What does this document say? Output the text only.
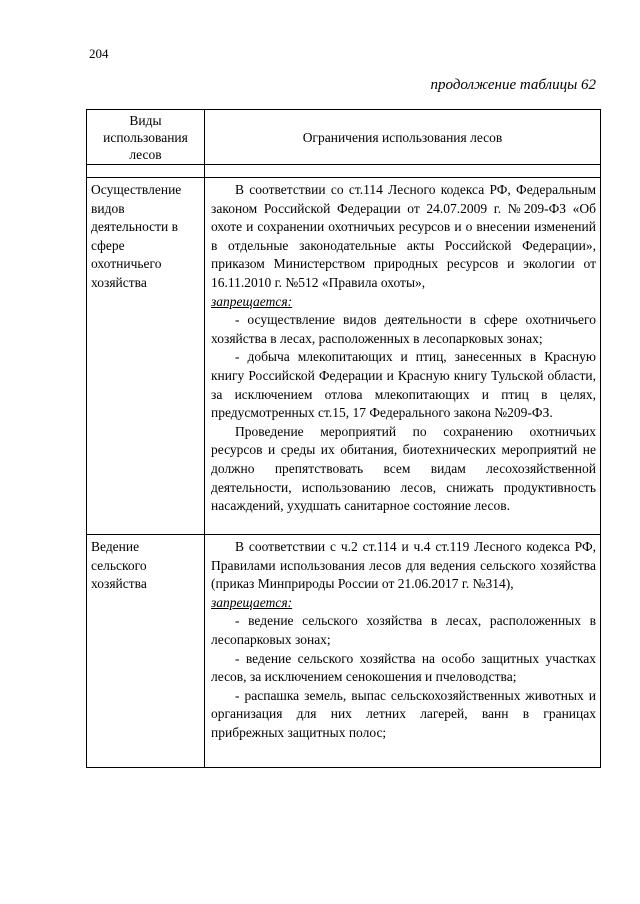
204
продолжение таблицы 62
Виды использования лесов	Ограничения использования лесов

Осуществление видов деятельности в сфере охотничьего хозяйства	В соответствии со ст.114 Лесного кодекса РФ, Федеральным законом Российской Федерации от 24.07.2009 г. №209-ФЗ «Об охоте и сохранении охотничьих ресурсов и о внесении изменений в отдельные законодательные акты Российской Федерации», приказом Министерством природных ресурсов и экологии от 16.11.2010 г. №512 «Правила охоты»,
запрещается:

- осуществление видов деятельности в сфере охотничьего хозяйства в лесах, расположенных в лесопарковых зонах;

- добыча млекопитающих и птиц, занесенных в Красную книгу Российской Федерации и Красную книгу Тульской области, за исключением отлова млекопитающих и птиц в целях, предусмотренных ст.15, 17 Федерального закона №209-ФЗ.

Проведение мероприятий по сохранению охотничьих ресурсов и среды их обитания, биотехнических мероприятий не должно препятствовать всем видам лесохозяйственной деятельности, использованию лесов, снижать продуктивность насаждений, ухудшать санитарное состояние лесов.

Ведение сельского хозяйства	В соответствии с ч.2 ст.114 и ч.4 ст.119 Лесного кодекса РФ, Правилами использования лесов для ведения сельского хозяйства (приказ Минприроды России от 21.06.2017 г. №314),
запрещается:

- ведение сельского хозяйства в лесах, расположенных в лесопарковых зонах;

- ведение сельского хозяйства на особо защитных участках лесов, за исключением сенокошения и пчеловодства;

- распашка земель, выпас сельскохозяйственных животных и организация для них летних лагерей, ванн в границах прибрежных защитных полос;
